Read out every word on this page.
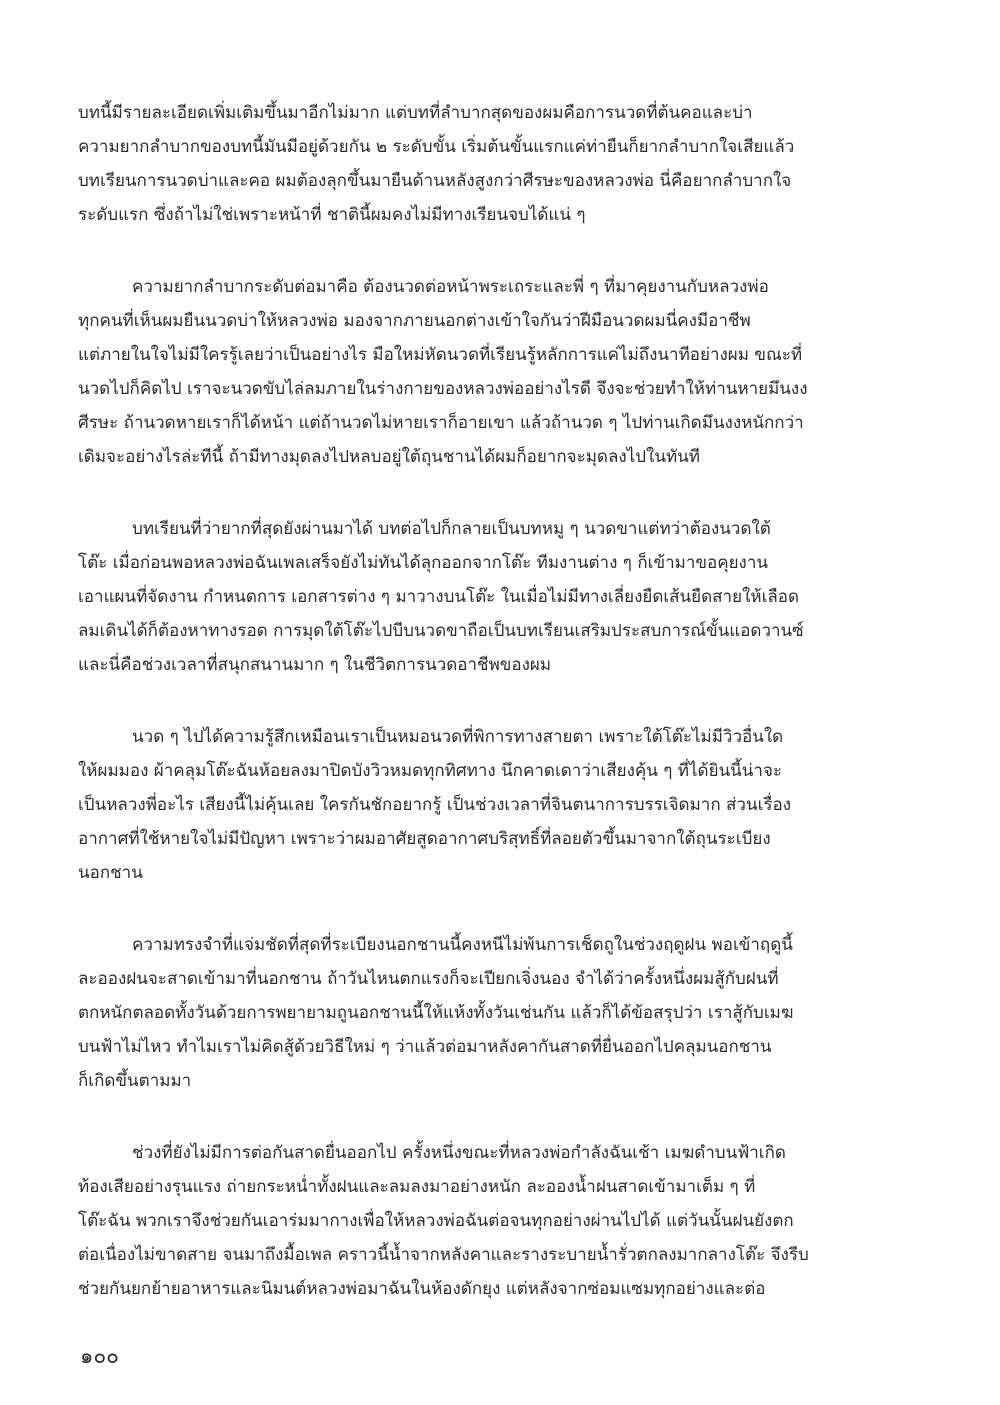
บทนี้มีรายละเอียดเพิ่มเติมขึ้นมาอีกไม่มาก แต่บทที่ลำบากสุดของผมคือการนวดที่ต้นคอและบ่า
ความยากลำบากของบทนี้มันมีอยู่ด้วยกัน ๒ ระดับขั้น เริ่มต้นขั้นแรกแค่ท่ายืนก็ยากลำบากใจเสียแล้ว
บทเรียนการนวดบ่าและคอ ผมต้องลุกขึ้นมายืนด้านหลังสูงกว่าศีรษะของหลวงพ่อ นี่คือยากลำบากใจ
ระดับแรก ซึ่งถ้าไม่ใช่เพราะหน้าที่ ชาตินี้ผมคงไม่มีทางเรียนจบได้แน่ ๆ

ความยากลำบากระดับต่อมาคือ ต้องนวดต่อหน้าพระเถระและพี่ ๆ ที่มาคุยงานกับหลวงพ่อ
ทุกคนที่เห็นผมยืนนวดบ่าให้หลวงพ่อ มองจากภายนอกต่างเข้าใจกันว่าฝีมือนวดผมนี่คงมีอาชีพ
แต่ภายในใจไม่มีใครรู้เลยว่าเป็นอย่างไร มือใหม่หัดนวดที่เรียนรู้หลักการแค่ไม่ถึงนาทีอย่างผม ขณะที่
นวดไปก็คิดไป เราจะนวดขับไล่ลมภายในร่างกายของหลวงพ่ออย่างไรดี จึงจะช่วยทำให้ท่านหายมึนงง
ศีรษะ ถ้านวดหายเราก็ได้หน้า แต่ถ้านวดไม่หายเราก็อายเขา แล้วถ้านวด ๆ ไปท่านเกิดมึนงงหนักกว่า
เดิมจะอย่างไรล่ะทีนี้ ถ้ามีทางมุดลงไปหลบอยู่ใต้ถุนชานได้ผมก็อยากจะมุดลงไปในทันที

บทเรียนที่ว่ายากที่สุดยังผ่านมาได้ บทต่อไปก็กลายเป็นบทหมู ๆ นวดขาแต่ทว่าต้องนวดใต้
โต๊ะ เมื่อก่อนพอหลวงพ่อฉันเพลเสร็จยังไม่ทันได้ลุกออกจากโต๊ะ ทีมงานต่าง ๆ ก็เข้ามาขอคุยงาน
เอาแผนที่จัดงาน กำหนดการ เอกสารต่าง ๆ มาวางบนโต๊ะ ในเมื่อไม่มีทางเลี่ยงยืดเส้นยืดสายให้เลือด
ลมเดินได้ก็ต้องหาทางรอด การมุดใต้โต๊ะไปบีบนวดขาถือเป็นบทเรียนเสริมประสบการณ์ขั้นแอดวานซ์
และนี่คือช่วงเวลาที่สนุกสนานมาก ๆ ในชีวิตการนวดอาชีพของผม

นวด ๆ ไปได้ความรู้สึกเหมือนเราเป็นหมอนวดที่พิการทางสายตา เพราะใต้โต๊ะไม่มีวิวอื่นใด
ให้ผมมอง ผ้าคลุมโต๊ะฉันห้อยลงมาปิดบังวิวหมดทุกทิศทาง นึกคาดเดาว่าเสียงคุ้น ๆ ที่ได้ยินนี้น่าจะ
เป็นหลวงพี่อะไร เสียงนี้ไม่คุ้นเลย ใครกันชักอยากรู้ เป็นช่วงเวลาที่จินตนาการบรรเจิดมาก ส่วนเรื่อง
อากาศที่ใช้หายใจไม่มีปัญหา เพราะว่าผมอาศัยสูดอากาศบริสุทธิ์ที่ลอยตัวขึ้นมาจากใต้ถุนระเบียง
นอกชาน

ความทรงจำที่แจ่มชัดที่สุดที่ระเบียงนอกชานนี้คงหนีไม่พ้นการเช็ดถูในช่วงฤดูฝน พอเข้าฤดูนี้
ละอองฝนจะสาดเข้ามาที่นอกชาน ถ้าวันไหนตกแรงก็จะเปียกเจิ่งนอง จำได้ว่าครั้งหนึ่งผมสู้กับฝนที่
ตกหนักตลอดทั้งวันด้วยการพยายามถูนอกชานนี้ให้แห้งทั้งวันเช่นกัน แล้วก็ได้ข้อสรุปว่า เราสู้กับเมฆ
บนฟ้าไม่ไหว ทำไมเราไม่คิดสู้ด้วยวิธีใหม่ ๆ ว่าแล้วต่อมาหลังคากันสาดที่ยื่นออกไปคลุมนอกชาน
ก็เกิดขึ้นตามมา

ช่วงที่ยังไม่มีการต่อกันสาดยื่นออกไป ครั้งหนึ่งขณะที่หลวงพ่อกำลังฉันเช้า เมฆดำบนฟ้าเกิด
ท้องเสียอย่างรุนแรง ถ่ายกระหน่ำทั้งฝนและลมลงมาอย่างหนัก ละอองน้ำฝนสาดเข้ามาเต็ม ๆ ที่
โต๊ะฉัน พวกเราจึงช่วยกันเอาร่มมากางเพื่อให้หลวงพ่อฉันต่อจนทุกอย่างผ่านไปได้ แต่วันนั้นฝนยังตก
ต่อเนื่องไม่ขาดสาย จนมาถึงมื้อเพล คราวนี้น้ำจากหลังคาและรางระบายน้ำรั่วตกลงมากลางโต๊ะ จึงรีบ
ช่วยกันยกย้ายอาหารและนิมนต์หลวงพ่อมาฉันในห้องดักยุง แต่หลังจากซ่อมแซมทุกอย่างและต่อ

๑๐๐
